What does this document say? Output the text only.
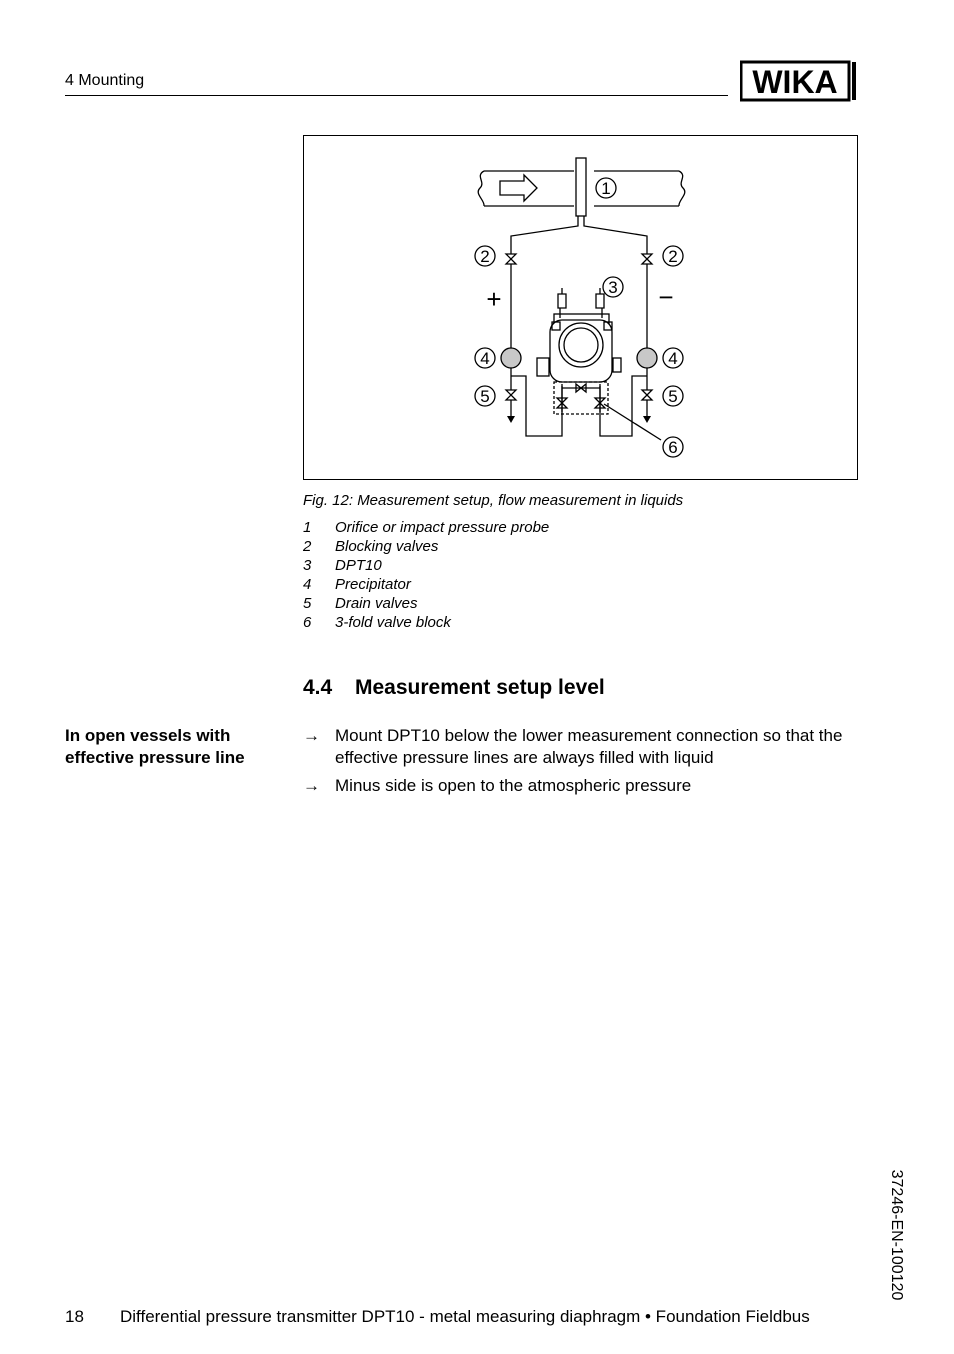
4 Mounting	WIKA
1
2	2
3
4	4
5	5
6
+	−
Fig. 12: Measurement setup, flow measurement in liquids
1 Orifice or impact pressure probe
2 Blocking valves
3 DPT10
4 Precipitator
5 Drain valves
6 3-fold valve block
4.4 Measurement setup level
In open vessels with effective pressure line
→ Mount DPT10 below the lower measurement connection so that the effective pressure lines are always filled with liquid
→ Minus side is open to the atmospheric pressure
37246-EN-100120
18 Differential pressure transmitter DPT10 - metal measuring diaphragm • Foundation Fieldbus
